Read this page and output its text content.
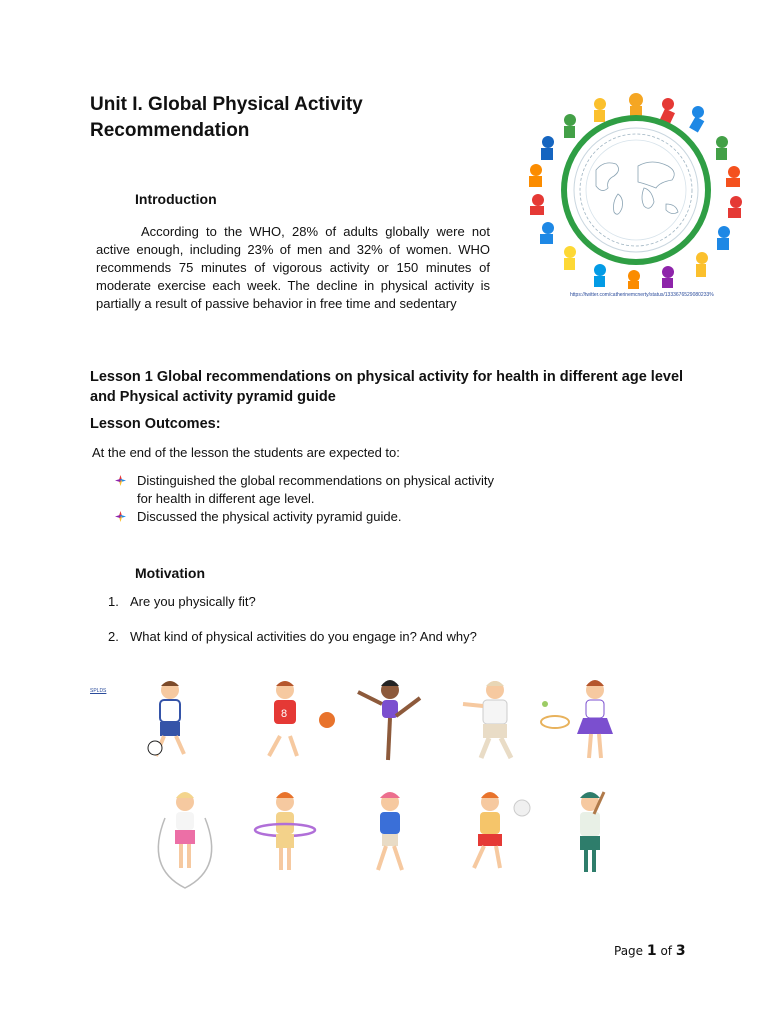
Unit I. Global Physical Activity Recommendation
Introduction
According to the WHO, 28% of adults globally were not active enough, including 23% of men and 32% of women. WHO recommends 75 minutes of vigorous activity or 150 minutes of moderate exercise each week. The decline in physical activity is partially a result of passive behavior in free time and sedentary
https://twitter.com/catherinemcnerty/status/1333676529080233%
Lesson 1 Global recommendations on physical activity for health in different age level and Physical activity pyramid guide
Lesson Outcomes:
At the end of the lesson the students are expected to:
Distinguished the global recommendations on physical activity for health in different age level.
Discussed the physical activity pyramid guide.
Motivation
1. Are you physically fit?
2. What kind of physical activities do you engage in? And why?
SPLDS
8
Page 1 of 3
